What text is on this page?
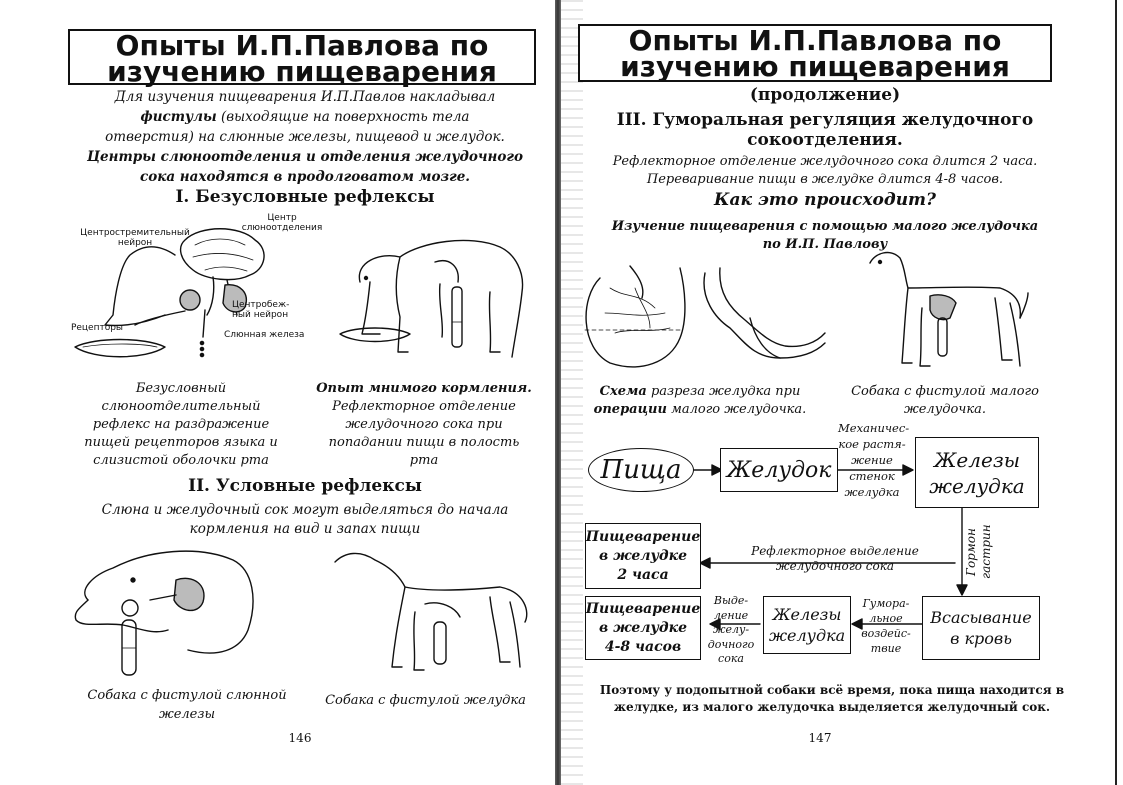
Опыты И.П.Павлова по
изучению пищеварения
Для изучения пищеварения И.П.Павлов накладывал
фистулы (выходящие на поверхность тела
отверстия) на слюнные железы, пищевод и желудок.
Центры слюноотделения и отделения желудочного
сока находятся в продолговатом мозге.
I. Безусловные рефлексы
Центростремительный
нейрон
Центр
слюноотделения
Центробеж-
ный нейрон
Рецепторы
Слюнная железа
Безусловный
слюноотделительный
рефлекс на раздражение
пищей рецепторов языка и
слизистой оболочки рта
Опыт мнимого кормления.
Рефлекторное отделение
желудочного сока при
попадании пищи в полость
рта
II. Условные рефлексы
Слюна и желудочный сок могут выделяться до начала
кормления на вид и запах пищи
Собака с фистулой слюнной
железы
Собака с фистулой желудка
146
Опыты И.П.Павлова по
изучению пищеварения
(продолжение)
III. Гуморальная регуляция желудочного
сокоотделения.
Рефлекторное отделение желудочного сока длится 2 часа.
Переваривание пищи в желудке длится 4-8 часов.
Как это происходит?
Изучение пищеварения с помощью малого желудочка
по И.П. Павлову
Схема разреза желудка при
операции малого желудочка.
Собака с фистулой малого
желудочка.
Пища	Желудок
Механичес-
кое растя-
жение
стенок
желудка
Железы
желудка
Пищеварение
в желудке
2 часа
Рефлекторное выделение
желудочного сока	Гормон гастрин
Пищеварение
в желудке
4-8 часов
Выде-
ление
желу-
дочного
сока
Железы
желудка
Гумора-
льное
воздейс-
твие
Всасывание
в кровь
Поэтому у подопытной собаки всё время, пока пища находится в
желудке, из малого желудочка выделяется желудочный сок.
147
